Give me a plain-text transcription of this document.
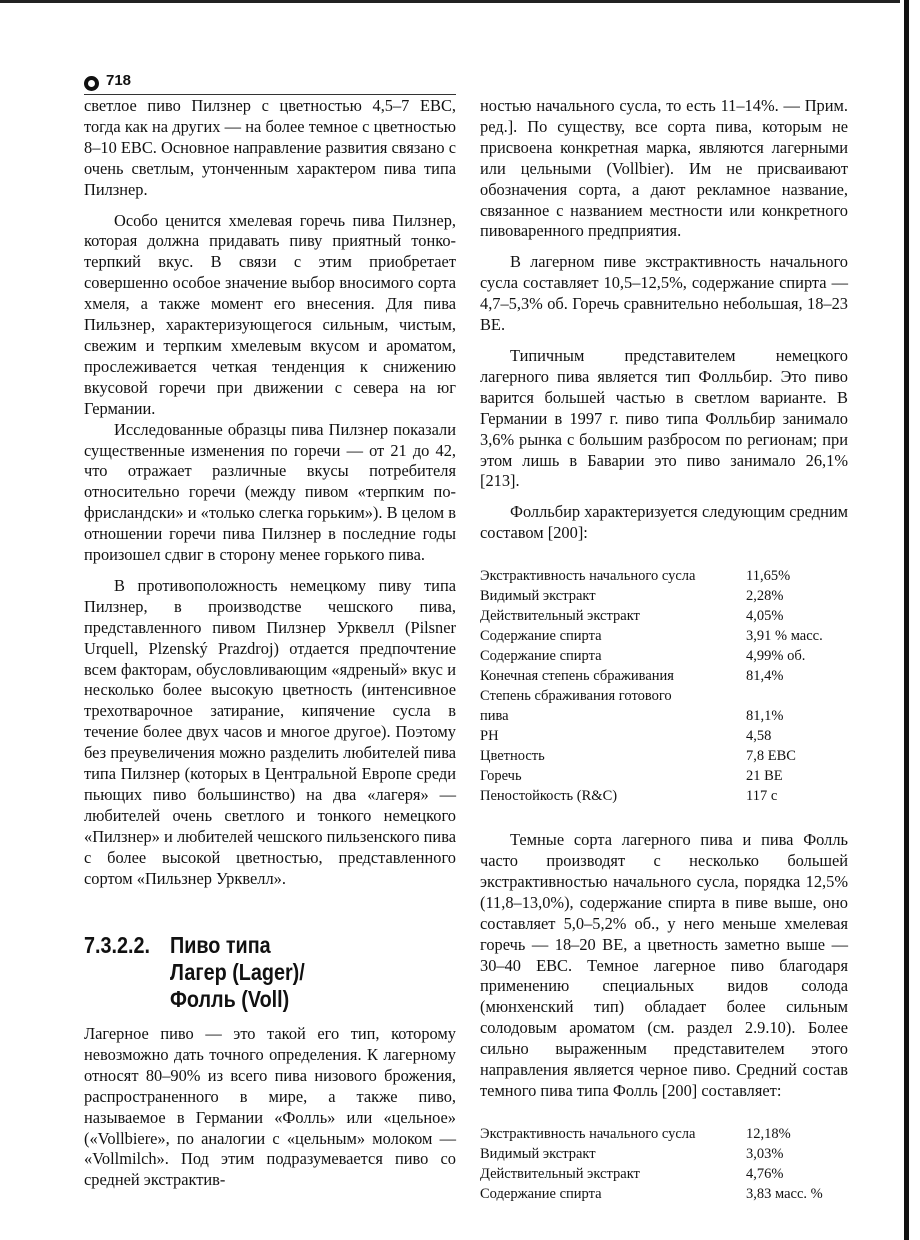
718

светлое пиво Пилзнер с цветностью 4,5–7 ЕВС, тогда как на других — на более темное с цветностью 8–10 ЕВС. Основное направление развития связано с очень светлым, утонченным характером пива типа Пилзнер.

Особо ценится хмелевая горечь пива Пилзнер, которая должна придавать пиву приятный тонко-терпкий вкус. В связи с этим приобретает совершенно особое значение выбор вносимого сорта хмеля, а также момент его внесения. Для пива Пильзнер, характеризующегося сильным, чистым, свежим и терпким хмелевым вкусом и ароматом, прослеживается четкая тенденция к снижению вкусовой горечи при движении с севера на юг Германии.

Исследованные образцы пива Пилзнер показали существенные изменения по горечи — от 21 до 42, что отражает различные вкусы потребителя относительно горечи (между пивом «терпким по-фрисландски» и «только слегка горьким»). В целом в отношении горечи пива Пилзнер в последние годы произошел сдвиг в сторону менее горького пива.

В противоположность немецкому пиву типа Пилзнер, в производстве чешского пива, представленного пивом Пилзнер Урквелл (Pilsner Urquell, Plzenský Prazdroj) отдается предпочтение всем факторам, обусловливающим «ядреный» вкус и несколько более высокую цветность (интенсивное трехотварочное затирание, кипячение сусла в течение более двух часов и многое другое). Поэтому без преувеличения можно разделить любителей пива типа Пилзнер (которых в Центральной Европе среди пьющих пиво большинство) на два «лагеря» — любителей очень светлого и тонкого немецкого «Пилзнер» и любителей чешского пильзенского пива с более высокой цветностью, представленного сортом «Пильзнер Урквелл».

7.3.2.2. Пиво типа
Лагер (Lager)/
Фолль (Voll)

Лагерное пиво — это такой его тип, которому невозможно дать точного определения. К лагерному относят 80–90% из всего пива низового брожения, распространенного в мире, а также пиво, называемое в Германии «Фолль» или «цельное» («Vollbiere», по аналогии с «цельным» молоком — «Vollmilch». Под этим подразумевается пиво со средней экстрактив-

ностью начального сусла, то есть 11–14%. — Прим. ред.]. По существу, все сорта пива, которым не присвоена конкретная марка, являются лагерными или цельными (Vollbier). Им не присваивают обозначения сорта, а дают рекламное название, связанное с названием местности или конкретного пивоваренного предприятия.

В лагерном пиве экстрактивность начального сусла составляет 10,5–12,5%, содержание спирта — 4,7–5,3% об. Горечь сравнительно небольшая, 18–23 ВЕ.

Типичным представителем немецкого лагерного пива является тип Фолльбир. Это пиво варится большей частью в светлом варианте. В Германии в 1997 г. пиво типа Фолльбир занимало 3,6% рынка с большим разбросом по регионам; при этом лишь в Баварии это пиво занимало 26,1% [213].

Фолльбир характеризуется следующим средним составом [200]:

Экстрактивность начального сусла	11,65%
Видимый экстракт	2,28%
Действительный экстракт	4,05%
Содержание спирта	3,91 % масс.
Содержание спирта	4,99% об.
Конечная степень сбраживания	81,4%
Степень сбраживания готового	
пива	81,1%
РН	4,58
Цветность	7,8 ЕВС
Горечь	21 ВЕ
Пеностойкость (R&C)	117 с

Темные сорта лагерного пива и пива Фолль часто производят с несколько большей экстрактивностью начального сусла, порядка 12,5% (11,8–13,0%), содержание спирта в пиве выше, оно составляет 5,0–5,2% об., у него меньше хмелевая горечь — 18–20 ВЕ, а цветность заметно выше — 30–40 ЕВС. Темное лагерное пиво благодаря применению специальных видов солода (мюнхенский тип) обладает более сильным солодовым ароматом (см. раздел 2.9.10). Более сильно выраженным представителем этого направления является черное пиво. Средний состав темного пива типа Фолль [200] составляет:

Экстрактивность начального сусла	12,18%
Видимый экстракт	3,03%
Действительный экстракт	4,76%
Содержание спирта	3,83 масс. %
